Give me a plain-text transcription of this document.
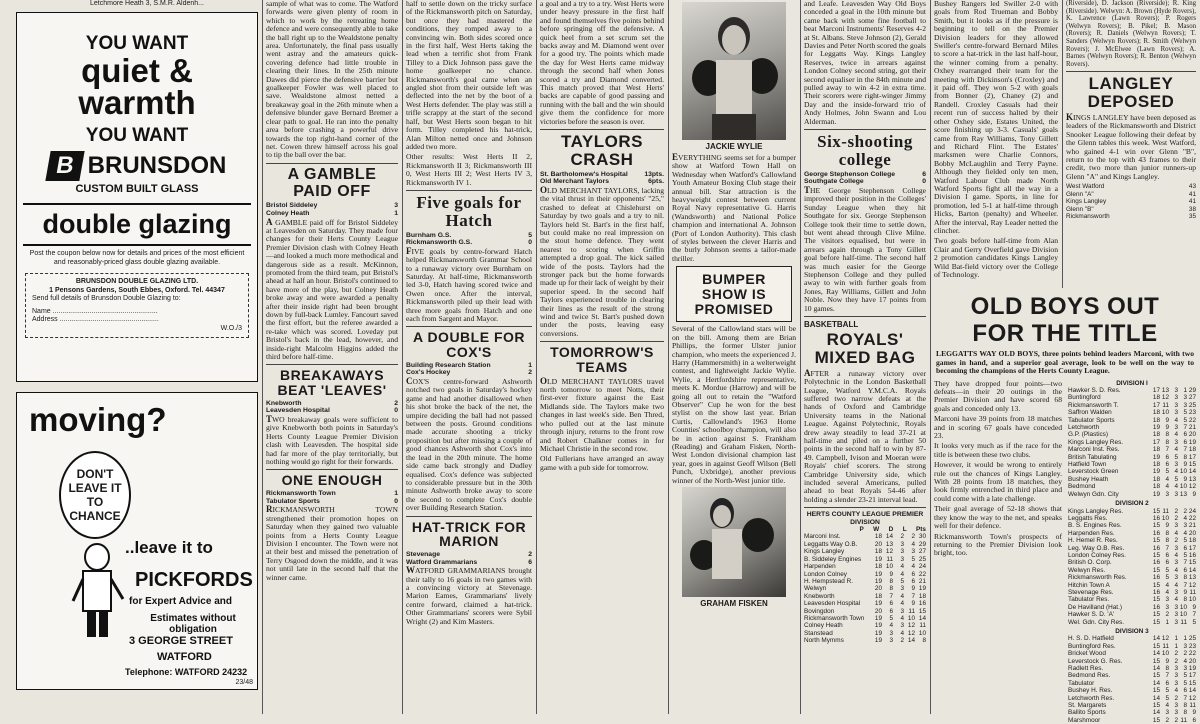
Letchmore Heath 3, S.M.R. Aldenh...
YOU WANT
quiet &
warmth
YOU WANT
B BRUNSDON
CUSTOM BUILT GLASS
double glazing
Post the coupon below now for details and prices of the most efficient and reasonably-priced glass double glazing available.
BRUNSDON DOUBLE GLAZING LTD.
1 Pensons Gardens, South Ebbes, Oxford. Tel. 44347
Send full details of Brunsdon Double Glazing to:
Name ......................................................
Address ...................................................
W.O./3
moving?
DON'T LEAVE IT TO CHANCE
..leave it to
PICKFORDS
for Expert Advice and
Estimates without obligation
3 GEORGE STREET
WATFORD
Telephone: WATFORD 24232
23/48

sample of what was to come. The Watford forwards were given plenty of room in which to work by the retreating home defence and were consequently able to take the ball right up to the Wealdstone penalty area. Unfortunately, the final pass usually went astray and the amateurs quick-covering defence had little trouble in clearing their lines. In the 25th minute Dawes did pierce the defensive barrier but goalkeeper Fowler was well placed to save. Wealdstone almost netted a breakaway goal in the 26th minute when a defensive blunder gave Bernard Bremer a clear path to goal. He ran into the penalty area before crashing a powerful drive towards the top right-hand corner of the net. Cowen threw himself across his goal to tip the ball over the bar.

A GAMBLE PAID OFF
Bristol Siddeley	3
Colney Heath	1

A GAMBLE paid off for Bristol Siddeley at Leavesden on Saturday. They made four changes for their Herts County League Premier Division clash with Colney Heath—and looked a much more methodical and dangerous side as a result. McKinnon, promoted from the third team, put Bristol's ahead at half an hour. Bristol's continued to have more of the play, but Colney Heath broke away and were awarded a penalty after their inside right had been brought down by full-back Lumley. Fancourt saved the first effort, but the referee awarded a re-take which was scored. Loveday put Bristol's back in the lead, however, and inside-right Malcolm Higgins added the third before half-time.

BREAKAWAYS BEAT 'LEAVES'
Knebworth	2
Leavesden Hospital	0

TWO breakaway goals were sufficient to give Knebworth both points in Saturday's Herts County League Premier Division clash with Leavesden. The hospital side had far more of the play territorially, but nothing would go right for their forwards.

ONE ENOUGH
Rickmansworth Town	1
Tabulator Sports	0

RICKMANSWORTH TOWN strengthened their promotion hopes on Saturday when they gained two valuable points from a Herts County League Division I encounter. The Town were not at their best and missed the penetration of Terry Osgood down the middle, and it was not until late in the second half that the winner came.

half to settle down on the tricky surface of the Rickmansworth pitch on Saturday, but once they had mastered the conditions, they romped away to a convincing win. Both sides scored once in the first half, West Herts taking the lead when a terrific shot from Frank Tilley to a Dick Johnson pass gave the home goalkeeper no chance. Rickmansworth's goal came when an angled shot from their outside left was deflected into the net by the boot of a West Herts defender. The play was still a trifle scrappy at the start of the second half, but West Herts soon began to hit form. Tilley completed his hat-trick, Alan Milton netted once and Johnson added two more.

Other results: West Herts II 2, Rickmansworth II 3; Rickmansworth III 0, West Herts III 2; West Herts IV 3, Rickmansworth IV 1.

Five goals for Hatch
Burnham G.S.	5
Rickmansworth G.S.	0

FIVE goals by centre-forward Hatch helped Rickmansworth Grammar School to a runaway victory over Burnham on Saturday. At half-time, Rickmansworth led 3-0, Hatch having scored twice and Owen once. After the interval, Rickmansworth piled up their lead with three more goals from Hatch and one each from Sargent and Mayor.

A DOUBLE FOR COX'S
Building Research Station	1
Cox's Hockey	2

COX'S centre-forward Ashworth notched two goals in Saturday's hockey game and had another disallowed when his shot broke the back of the net, the umpire deciding the ball had not passed between the posts. Ground conditions made accurate shooting a tricky proposition but after missing a couple of good chances Ashworth shot Cox's into the lead in the 20th minute. The home side came back strongly and Dudley equalised. Cox's defence was subjected to considerable pressure but in the 30th minute Ashworth broke away to score the second to complete Cox's double over Building Research Station.

HAT-TRICK FOR MARION
Stevenage	2
Watford Grammarians	6

WATFORD GRAMMARIANS brought their tally to 16 goals in two games with a convincing victory at Stevenage. Marion Eames, Grammarians' lively centre forward, claimed a hat-trick. Other Grammarians' scorers were Sybil Wright (2) and Kim Masters.

a goal and a try to a try. West Herts were under heavy pressure in the first half and found themselves five points behind before springing off the defensive. A quick heel from a set scrum set the backs away and M. Diamond went over for a good try. The points which made the day for West Herts came midway through the second half when Jones scored a try and Diamond converted. This match proved that West Herts' backs are capable of good passing and running with the ball and the win should give them the confidence for more victories before the season is over.

TAYLORS CRASH
St. Bartholomew's Hospital 13pts.
Old Merchant Taylors	6pts.

OLD MERCHANT TAYLORS, lacking the vital thrust in their opponents' "25," crashed to defeat at Chislehurst on Saturday by two goals and a try to nil. Taylors held St. Bart's in the first half, but could make no real impression on the stout home defence. They went nearest to scoring when Griffin attempted a drop goal. The kick sailed wide of the posts. Taylors had the stronger pack but the home forwards made up for their lack of weight by their superior speed. In the second half Taylors experienced trouble in clearing their lines as the result of the strong wind and twice St. Bart's pushed down under the posts, leaving easy conversions.

TOMORROW'S TEAMS

OLD MERCHANT TAYLORS travel north tomorrow to meet Notts, their first-ever fixture against the East Midlands side. The Taylors make two changes in last week's side. Ben Thred, who pulled out at the last minute through injury, returns to the front row and Robert Chalkner comes in for Michael Christie in the second row.

Old Fullerians have arranged an away game with a pub side for tomorrow.

JACKIE WYLIE

EVERYTHING seems set for a bumper show at Watford Town Hall on Wednesday when Watford's Callowland Youth Amateur Boxing Club stage their annual bill. Star attraction is the heavyweight contest between current Royal Navy representative G. Harris (Wandsworth) and National Police champion and international A. Johnson (Port of London Authority). This clash of styles between the clever Harris and the burly Johnson seems a tailor-made thriller.

BUMPER SHOW IS PROMISED

Several of the Callowland stars will be on the bill. Among them are Brian Phillips, the former Ulster junior champion, who meets the experienced J. Harry (Hammersmith) in a welterweight contest, and lightweight Jackie Wylie. Wylie, a Hertfordshire representative, meets K. Mordue (Harrow) and will be going all out to retain the "Watford Observer" Cup he won for the best stylist on the show last year. Brian Curtis, Callowland's 1963 Home Counties' schoolboy champion, will also be in action against S. Frankham (Reading) and Graham Fisken, North-West London divisional champion last year, goes in against Geoff Wilson (Bell Punch, Uxbridge), another previous winner of the North-West junior title.

GRAHAM FISKEN

and Leafe. Leavesden Way Old Boys conceded a goal in the 10th minute but came back with some fine football to beat Marconi Instruments' Reserves 4-2 at St. Albans. Steve Johnson (2), Gerald Davies and Peter North scored the goals for Leggatts Way. Kings Langley Reserves, twice in arrears against London Colney second string, got their second equaliser in the 84th minute and pulled away to win 4-2 in extra time. Their scorers were right-winger Jimmy Day and the inside-forward trio of Andy Holmes, John Swann and Lou Alderman.

Six-shooting college
George Stephenson College	6
Southgate College	0

THE George Stephenson College improved their position in the Colleges' Sunday League when they hit Southgate for six. George Stephenson College took their time to settle down, but went ahead through Clive Milne. The visitors equalised, but were in arrears again through a Tony Gillett goal before half-time. The second half was much easier for the George Stephenson College and they pulled away to win with further goals from Jones, Ray Williams, Gillett and John Noble. Now they have 17 points from 10 games.

BASKETBALL
ROYALS' MIXED BAG

AFTER a runaway victory over Polytechnic in the London Basketball League, Watford Y.M.C.A. Royals suffered two narrow defeats at the hands of Oxford and Cambridge University teams in the National League. Against Polytechnic, Royals drew away steadily to lead 37-21 at half-time and piled on a further 50 points in the second half to win by 87-49. Campbell, Ivison and Moeran were Royals' chief scorers. The strong Cambridge University side, which included several Americans, pulled ahead to beat Royals 54-46 after holding a slender 23-21 interval lead.

HERTS COUNTY LEAGUE PREMIER DIVISION
P W D L Pts
Marconi Inst.	18 14	2	2 30
Leggatts Way O.B.	20 13	3	4 29
Kings Langley	18 12	3	3 27
B. Siddeley Engines	19 11	3	5 25
Harpenden	18 10	4	4 24
London Colney	19	9	4	6 22
H. Hempstead R.	19	8	5	6 21
Welwyn	20	8	3	9 19
Knebworth	18	7	4	7 18
Leavesden Hospital	19	6	4	9 16
Bovingdon	20	6	3 11 15
Rickmansworth Town	19	5	4 10 14
Colney Heath	19	4	3 12 11
Stanstead	19	3	4 12 10
North Mymms	19	3	2 14	8

Bushey Rangers led Swiller 2-0 with goals from Rod Trueman and Bobby Smith, but it looks as if the pressure is beginning to tell on the Premier Division leaders for they allowed Swiller's centre-forward Bernard Miles to score a hat-trick in the last half-hour, the winner coming from a penalty. Oxhey rearranged their team for the meeting with Dickinson's (Croxley) and it paid off. They won 5-2 with goals from Bonner (2), Chaney (2) and Randell. Croxley Casuals had their recent run of success halted by their other Oxhey side, Estates United, the score finishing up 3-3. Casuals' goals came from Ray Williams, Tony Gillett and Richard Flint. The Estates' marksmen were Charlie Connors, Bobby McLaughlin and Terry Payne. Although they fielded only ten men, Watford Labour Club made North Watford Sports fight all the way in a Division I game. Sports, in line for promotion, led 5-1 at half-time through Hicks, Barton (penalty) and Wheeler. After the interval, Ray Leader netted the clincher.

Two goals before half-time from Alan Clair and Gerry Overfield gave Division 2 promotion candidates Kings Langley Wild Bat-field victory over the College of Technology.

(Riverside), D. Jackson (Riverside); R. King (Riverside). Welwyn: A. Brown (Hyde Rovers), K. Lawrence (Lawn Rovers); P. Rogers (Welwyn Rovers); B. Pikel; B. Mason (Rovers); R. Daniels (Welwyn Rovers); T. Sanders (Welwyn Rovers); R. Smith (Welwyn Rovers); J. McElwee (Lawn Rovers); A. Barnes (Welwyn Rovers); R. Benton (Welwyn Rovers).

LANGLEY DEPOSED

KINGS LANGLEY have been deposed as leaders of the Rickmansworth and District Snooker League following their defeat by the Glenn tables this week. West Watford, who gained 4-1 win over Glenn "B", return to the top with 43 frames to their credit, two more than junior runners-up Glenn "A" and Kings Langley.

West Watford	43
Glenn "A"	41
Kings Langley	41
Glenn "B"	38
Rickmansworth	35
OLD BOYS OUT
FOR THE TITLE

LEGGATTS WAY OLD BOYS, three points behind leaders Marconi, with two games in hand, and a superior goal average, look to be well on the way to becoming the champions of the Herts County League.

They have dropped four points—two defeats—in their 20 outings in the Premier Division and have scored 68 goals and conceded only 13.

Marconi have 39 points from 18 matches and in scoring 67 goals have conceded 23.

It looks very much as if the race for the title is between these two clubs.

However, it would be wrong to entirely rule out the chances of Kings Langley. With 28 points from 18 matches, they look firmly entrenched in third place and could come with a late challenge.

Their goal average of 52-18 shows that they know the way to the net, and speaks well for their defence.

Rickmansworth Town's prospects of returning to the Premier Division look bright, too.

DIVISION I
Hawker S. D. Res.	17 13 3 1 29
Buntingford	18 12 3 3 27
Rickmansworth T.	17 11 3 3 25
Saffron Walden	18 10 3 5 23
Tabulator Sports	18 9 4 5 22
Letchworth	19 9 3 7 21
G.P. (Plastics)	18 8 4 6 20
Kings Langley Res.	17 8 3 6 19
Marconi Inst. Res.	18 7 4 7 18
British Tabulating	19 6 5 8 17
Hatfield Town	18 6 3 9 15
Leverstock Green	19 5 4 10 14
Bushey Heath	18 4 5 9 13
Bedmond	18 4 4 10 12
Welwyn Gdn. City	19 3 3 13 9
DIVISION 2
Kings Langley Res.	15 11 2 2 24
Leggatts Res.	16 10 2 4 22
B. S. Engines Res.	15 9 3 3 21
Harpenden Res.	16 8 4 4 20
H. Hemel R. Res.	15 8 2 5 18
Leg. Way O.B. Res.	16 7 3 6 17
London Colney Res.	15 6 4 5 16
British O. Corp.	16 6 3 7 15
Welwyn Res.	15 5 4 6 14
Rickmansworth Res.	16 5 3 8 13
Hitchin Town A	15 4 4 7 12
Stevenage Res.	16 4 3 9 11
Tabulator Res.	15 3 4 8 10
De Havilland (Hat.)	16 3 3 10 9
Hawker S. D. 'A'	15 2 3 10 7
Wel. Gdn. City Res.	15 1 3 11 5
DIVISION 3
H. S. D. Hatfield	14 12 1 1 25
Buntingford Res.	15 11 1 3 23
Bricket Wood	14 10 2 2 22
Leverstock G. Res.	15 9 2 4 20
Radlett Res.	14 8 3 3 19
Bedmond Res.	15 7 3 5 17
Tabulator	14 6 3 5 15
Bushey H. Res.	15 5 4 6 14
Letchworth Res.	14 5 2 7 12
St. Margarets	15 4 3 8 11
Ballito Sports	14 3 3 8 9
Marshmoor	15 2 2 11 6
